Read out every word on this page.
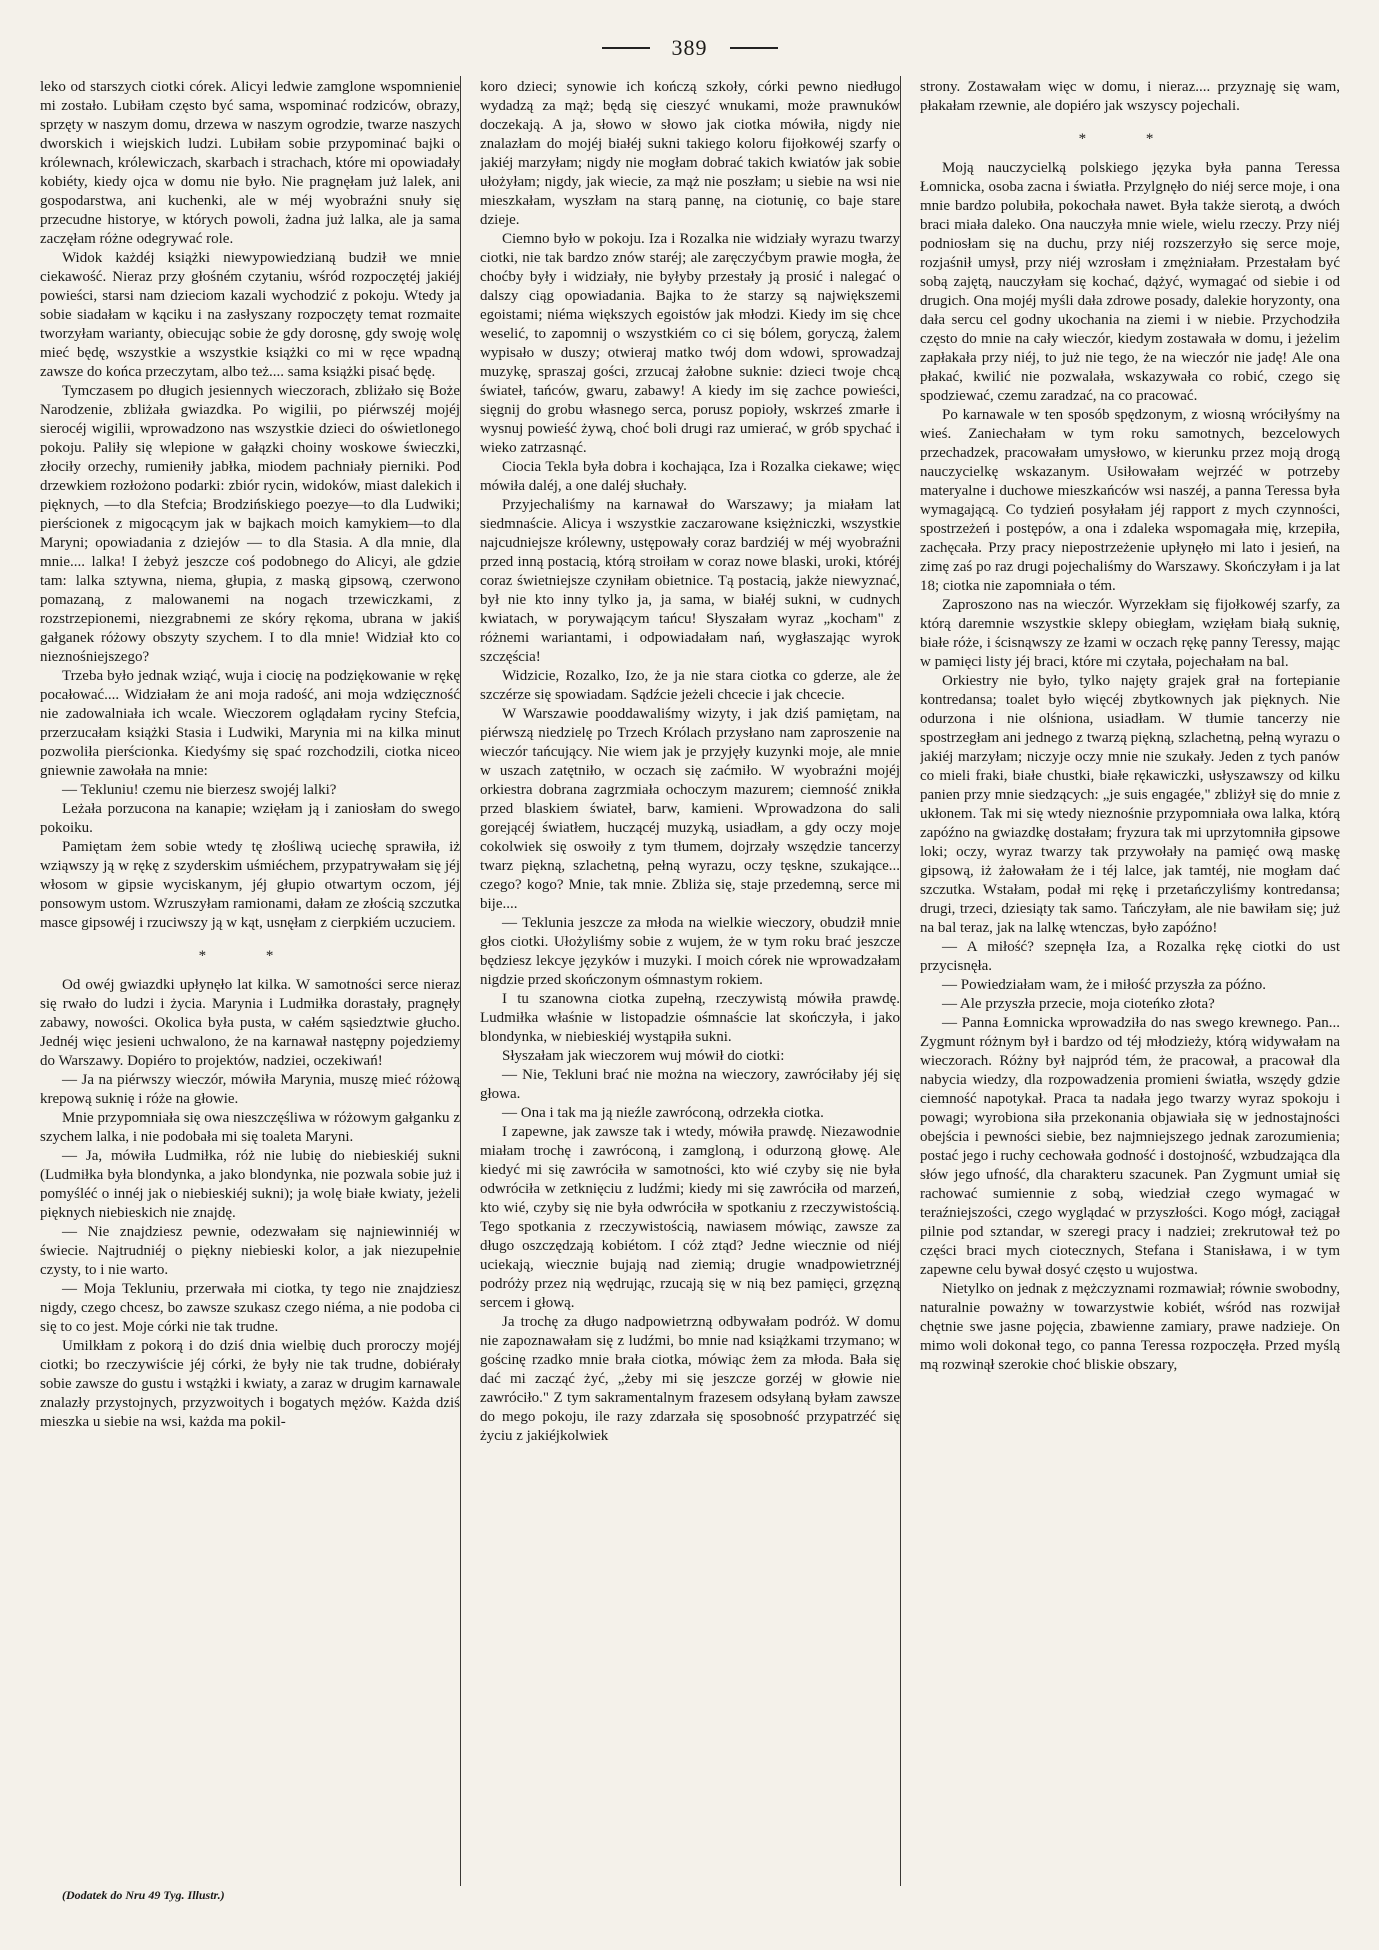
389

leko od starszych ciotki córek. Alicyi ledwie zamglone wspomnienie mi zostało. Lubiłam często być sama, wspominać rodziców, obrazy, sprzęty w naszym domu, drzewa w naszym ogrodzie, twarze naszych dworskich i wiejskich ludzi. Lubiłam sobie przypominać bajki o królewnach, królewiczach, skarbach i strachach, które mi opowiadały kobiéty, kiedy ojca w domu nie było. Nie pragnęłam już lalek, ani gospodarstwa, ani kuchenki, ale w méj wyobraźni snuły się przecudne historye, w których powoli, żadna już lalka, ale ja sama zaczęłam różne odegrywać role.

Widok każdéj książki niewypowiedzianą budził we mnie ciekawość. Nieraz przy głośném czytaniu, wśród rozpoczętéj jakiéj powieści, starsi nam dzieciom kazali wychodzić z pokoju. Wtedy ja sobie siadałam w kąciku i na zasłyszany rozpoczęty temat rozmaite tworzyłam warianty, obiecując sobie że gdy dorosnę, gdy swoję wolę mieć będę, wszystkie a wszystkie książki co mi w ręce wpadną zawsze do końca przeczytam, albo też.... sama książki pisać będę.

Tymczasem po długich jesiennych wieczorach, zbliżało się Boże Narodzenie, zbliżała gwiazdka. Po wigilii, po piérwszéj mojéj sierocéj wigilii, wprowadzono nas wszystkie dzieci do oświetlonego pokoju. Paliły się wlepione w gałązki choiny woskowe świeczki, złociły orzechy, rumieniły jabłka, miodem pachniały pierniki. Pod drzewkiem rozłożono podarki: zbiór rycin, widoków, miast dalekich i pięknych, —to dla Stefcia; Brodzińskiego poezye—to dla Ludwiki; pierścionek z migocącym jak w bajkach moich kamykiem—to dla Maryni; opowiadania z dziejów — to dla Stasia. A dla mnie, dla mnie.... lalka! I żebyż jeszcze coś podobnego do Alicyi, ale gdzie tam: lalka sztywna, niema, głupia, z maską gipsową, czerwono pomazaną, z malowanemi na nogach trzewiczkami, z rozstrzepionemi, niezgrabnemi ze skóry rękoma, ubrana w jakiś gałganek różowy obszyty szychem. I to dla mnie! Widział kto co nieznośniejszego?

Trzeba było jednak wziąć, wuja i ciocię na podziękowanie w rękę pocałować.... Widziałam że ani moja radość, ani moja wdzięczność nie zadowalniała ich wcale. Wieczorem oglądałam ryciny Stefcia, przerzucałam książki Stasia i Ludwiki, Marynia mi na kilka minut pozwoliła pierścionka. Kiedyśmy się spać rozchodzili, ciotka niceo gniewnie zawołała na mnie:

— Tekluniu! czemu nie bierzesz swojéj lalki?

Leżała porzucona na kanapie; wzięłam ją i zaniosłam do swego pokoiku.

Pamiętam żem sobie wtedy tę złośliwą uciechę sprawiła, iż wziąwszy ją w rękę z szyderskim uśmiéchem, przypatrywałam się jéj włosom w gipsie wyciskanym, jéj głupio otwartym oczom, jéj ponsowym ustom. Wzruszyłam ramionami, dałam ze złością szczutka masce gipsowéj i rzuciwszy ją w kąt, usnęłam z cierpkiém uczuciem.

* *

Od owéj gwiazdki upłynęło lat kilka. W samotności serce nieraz się rwało do ludzi i życia. Marynia i Ludmiłka dorastały, pragnęły zabawy, nowości. Okolica była pusta, w całém sąsiedztwie głucho. Jednéj więc jesieni uchwalono, że na karnawał następny pojedziemy do Warszawy. Dopiéro to projektów, nadziei, oczekiwań!

— Ja na piérwszy wieczór, mówiła Marynia, muszę mieć różową krepową suknię i róże na głowie.

Mnie przypomniała się owa nieszczęśliwa w różowym gałganku z szychem lalka, i nie podobała mi się toaleta Maryni.

— Ja, mówiła Ludmiłka, róż nie lubię do niebieskiéj sukni (Ludmiłka była blondynka, a jako blondynka, nie pozwala sobie już i pomyśléć o innéj jak o niebieskiéj sukni); ja wolę białe kwiaty, jeżeli pięknych niebieskich nie znajdę.

— Nie znajdziesz pewnie, odezwałam się najniewinniéj w świecie. Najtrudniéj o piękny niebieski kolor, a jak niezupełnie czysty, to i nie warto.

— Moja Tekluniu, przerwała mi ciotka, ty tego nie znajdziesz nigdy, czego chcesz, bo zawsze szukasz czego niéma, a nie podoba ci się to co jest. Moje córki nie tak trudne.

Umilkłam z pokorą i do dziś dnia wielbię duch proroczy mojéj ciotki; bo rzeczywiście jéj córki, że były nie tak trudne, dobiérały sobie zawsze do gustu i wstążki i kwiaty, a zaraz w drugim karnawale znalazły przystojnych, przyzwoitych i bogatych mężów. Każda dziś mieszka u siebie na wsi, każda ma pokil-

koro dzieci; synowie ich kończą szkoły, córki pewno niedługo wydadzą za mąż; będą się cieszyć wnukami, może prawnuków doczekają. A ja, słowo w słowo jak ciotka mówiła, nigdy nie znalazłam do mojéj białéj sukni takiego koloru fijołkowéj szarfy o jakiéj marzyłam; nigdy nie mogłam dobrać takich kwiatów jak sobie ułożyłam; nigdy, jak wiecie, za mąż nie poszłam; u siebie na wsi nie mieszkałam, wyszłam na starą pannę, na ciotunię, co baje stare dzieje.

Ciemno było w pokoju. Iza i Rozalka nie widziały wyrazu twarzy ciotki, nie tak bardzo znów staréj; ale zaręczyćbym prawie mogła, że choćby były i widziały, nie byłyby przestały ją prosić i nalegać o dalszy ciąg opowiadania. Bajka to że starzy są największemi egoistami; niéma większych egoistów jak młodzi. Kiedy im się chce weselić, to zapomnij o wszystkiém co ci się bólem, goryczą, żalem wypisało w duszy; otwieraj matko twój dom wdowi, sprowadzaj muzykę, spraszaj gości, zrzucaj żałobne suknie: dzieci twoje chcą świateł, tańców, gwaru, zabawy! A kiedy im się zachce powieści, sięgnij do grobu własnego serca, porusz popioły, wskrześ zmarłe i wysnuj powieść żywą, choć boli drugi raz umierać, w grób spychać i wieko zatrzasnąć.

Ciocia Tekla była dobra i kochająca, Iza i Rozalka ciekawe; więc mówiła daléj, a one daléj słuchały.

Przyjechaliśmy na karnawał do Warszawy; ja miałam lat siedmnaście. Alicya i wszystkie zaczarowane księżniczki, wszystkie najcudniejsze królewny, ustępowały coraz bardziéj w méj wyobraźni przed inną postacią, którą stroiłam w coraz nowe blaski, uroki, któréj coraz świetniejsze czyniłam obietnice. Tą postacią, jakże niewyznać, był nie kto inny tylko ja, ja sama, w białéj sukni, w cudnych kwiatach, w porywającym tańcu! Słyszałam wyraz „kocham" z różnemi wariantami, i odpowiadałam nań, wygłaszając wyrok szczęścia!

Widzicie, Rozalko, Izo, że ja nie stara ciotka co gderze, ale że szczérze się spowiadam. Sądźcie jeżeli chcecie i jak chcecie.

W Warszawie pooddawaliśmy wizyty, i jak dziś pamiętam, na piérwszą niedzielę po Trzech Królach przysłano nam zaproszenie na wieczór tańcujący. Nie wiem jak je przyjęły kuzynki moje, ale mnie w uszach zatętniło, w oczach się zaćmiło. W wyobraźni mojéj orkiestra dobrana zagrzmiała ochoczym mazurem; ciemność znikła przed blaskiem świateł, barw, kamieni. Wprowadzona do sali gorejącéj światłem, huczącéj muzyką, usiadłam, a gdy oczy moje cokolwiek się oswoiły z tym tłumem, dojrzały wszędzie tancerzy twarz piękną, szlachetną, pełną wyrazu, oczy tęskne, szukające... czego? kogo? Mnie, tak mnie. Zbliża się, staje przedemną, serce mi bije....

— Teklunia jeszcze za młoda na wielkie wieczory, obudził mnie głos ciotki. Ułożyliśmy sobie z wujem, że w tym roku brać jeszcze będziesz lekcye języków i muzyki. I moich córek nie wprowadzałam nigdzie przed skończonym ośmnastym rokiem.

I tu szanowna ciotka zupełną, rzeczywistą mówiła prawdę. Ludmiłka właśnie w listopadzie ośmnaście lat skończyła, i jako blondynka, w niebieskiéj wystąpiła sukni.

Słyszałam jak wieczorem wuj mówił do ciotki:

— Nie, Tekluni brać nie można na wieczory, zawróciłaby jéj się głowa.

— Ona i tak ma ją nieźle zawróconą, odrzekła ciotka.

I zapewne, jak zawsze tak i wtedy, mówiła prawdę. Niezawodnie miałam trochę i zawróconą, i zamgloną, i odurzoną głowę. Ale kiedyć mi się zawróciła w samotności, kto wié czyby się nie była odwróciła w zetknięciu z ludźmi; kiedy mi się zawróciła od marzeń, kto wié, czyby się nie była odwróciła w spotkaniu z rzeczywistością. Tego spotkania z rzeczywistością, nawiasem mówiąc, zawsze za długo oszczędzają kobiétom. I cóż ztąd? Jedne wiecznie od niéj uciekają, wiecznie bujają nad ziemią; drugie wnadpowietrznéj podróży przez nią wędrując, rzucają się w nią bez pamięci, grzęzną sercem i głową.

Ja trochę za długo nadpowietrzną odbywałam podróż. W domu nie zapoznawałam się z ludźmi, bo mnie nad książkami trzymano; w gościnę rzadko mnie brała ciotka, mówiąc żem za młoda. Bała się dać mi zacząć żyć, „żeby mi się jeszcze gorzéj w głowie nie zawróciło." Z tym sakramentalnym frazesem odsyłaną byłam zawsze do mego pokoju, ile razy zdarzała się sposobność przypatrzéć się życiu z jakiéjkolwiek

strony. Zostawałam więc w domu, i nieraz.... przyznaję się wam, płakałam rzewnie, ale dopiéro jak wszyscy pojechali.

* *

Moją nauczycielką polskiego języka była panna Teressa Łomnicka, osoba zacna i światła. Przylgnęło do niéj serce moje, i ona mnie bardzo polubiła, pokochała nawet. Była także sierotą, a dwóch braci miała daleko. Ona nauczyła mnie wiele, wielu rzeczy. Przy niéj podniosłam się na duchu, przy niéj rozszerzyło się serce moje, rozjaśnił umysł, przy niéj wzrosłam i zmężniałam. Przestałam być sobą zajętą, nauczyłam się kochać, dążyć, wymagać od siebie i od drugich. Ona mojéj myśli dała zdrowe posady, dalekie horyzonty, ona dała sercu cel godny ukochania na ziemi i w niebie. Przychodziła często do mnie na cały wieczór, kiedym zostawała w domu, i jeżelim zapłakała przy niéj, to już nie tego, że na wieczór nie jadę! Ale ona płakać, kwilić nie pozwalała, wskazywała co robić, czego się spodziewać, czemu zaradzać, na co pracować.

Po karnawale w ten sposób spędzonym, z wiosną wróciłyśmy na wieś. Zaniechałam w tym roku samotnych, bezcelowych przechadzek, pracowałam umysłowo, w kierunku przez moją drogą nauczycielkę wskazanym. Usiłowałam wejrzéć w potrzeby materyalne i duchowe mieszkańców wsi naszéj, a panna Teressa była wymagającą. Co tydzień posyłałam jéj rapport z mych czynności, spostrzeżeń i postępów, a ona i zdaleka wspomagała mię, krzepiła, zachęcała. Przy pracy niepostrzeżenie upłynęło mi lato i jesień, na zimę zaś po raz drugi pojechaliśmy do Warszawy. Skończyłam i ja lat 18; ciotka nie zapomniała o tém.

Zaproszono nas na wieczór. Wyrzekłam się fijołkowéj szarfy, za którą daremnie wszystkie sklepy obiegłam, wzięłam białą suknię, białe róże, i ścisnąwszy ze łzami w oczach rękę panny Teressy, mając w pamięci listy jéj braci, które mi czytała, pojechałam na bal.

Orkiestry nie było, tylko najęty grajek grał na fortepianie kontredansa; toalet było więcéj zbytkownych jak pięknych. Nie odurzona i nie olśniona, usiadłam. W tłumie tancerzy nie spostrzegłam ani jednego z twarzą piękną, szlachetną, pełną wyrazu o jakiéj marzyłam; niczyje oczy mnie nie szukały. Jeden z tych panów co mieli fraki, białe chustki, białe rękawiczki, usłyszawszy od kilku panien przy mnie siedzących: „je suis engagée," zbliżył się do mnie z ukłonem. Tak mi się wtedy nieznośnie przypomniała owa lalka, którą zapóźno na gwiazdkę dostałam; fryzura tak mi uprzytomniła gipsowe loki; oczy, wyraz twarzy tak przywołały na pamięć ową maskę gipsową, iż żałowałam że i téj lalce, jak tamtéj, nie mogłam dać szczutka. Wstałam, podał mi rękę i przetańczyliśmy kontredansa; drugi, trzeci, dziesiąty tak samo. Tańczyłam, ale nie bawiłam się; już na bal teraz, jak na lalkę wtenczas, było zapóźno!

— A miłość? szepnęła Iza, a Rozalka rękę ciotki do ust przycisnęła.

— Powiedziałam wam, że i miłość przyszła za późno.

— Ale przyszła przecie, moja cioteńko złota?

— Panna Łomnicka wprowadziła do nas swego krewnego. Pan... Zygmunt różnym był i bardzo od téj młodzieży, którą widywałam na wieczorach. Różny był najpród tém, że pracował, a pracował dla nabycia wiedzy, dla rozpowadzenia promieni światła, wszędy gdzie ciemność napotykał. Praca ta nadała jego twarzy wyraz spokoju i powagi; wyrobiona siła przekonania objawiała się w jednostajności obejścia i pewności siebie, bez najmniejszego jednak zarozumienia; postać jego i ruchy cechowała godność i dostojność, wzbudzająca dla słów jego ufność, dla charakteru szacunek. Pan Zygmunt umiał się rachować sumiennie z sobą, wiedział czego wymagać w teraźniejszości, czego wyglądać w przyszłości. Kogo mógł, zaciągał pilnie pod sztandar, w szeregi pracy i nadziei; zrekrutował też po części braci mych ciotecznych, Stefana i Stanisława, i w tym zapewne celu bywał dosyć często u wujostwa.

Nietylko on jednak z mężczyznami rozmawiał; równie swobodny, naturalnie poważny w towarzystwie kobiét, wśród nas rozwijał chętnie swe jasne pojęcia, zbawienne zamiary, prawe nadzieje. On mimo woli dokonał tego, co panna Teressa rozpoczęła. Przed myślą mą rozwinął szerokie choć bliskie obszary,

(Dodatek do Nru 49 Tyg. Illustr.)
